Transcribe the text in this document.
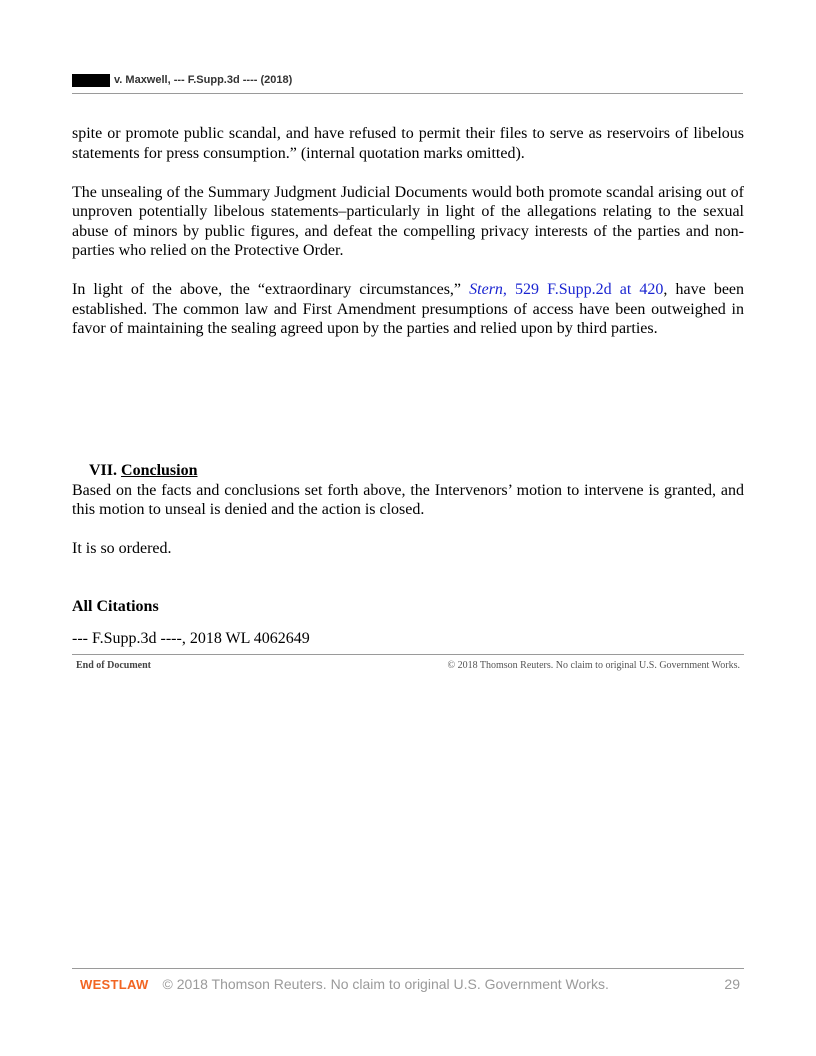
v. Maxwell, --- F.Supp.3d ---- (2018)

spite or promote public scandal, and have refused to permit their files to serve as reservoirs of libelous statements for press consumption.” (internal quotation marks omitted).

The unsealing of the Summary Judgment Judicial Documents would both promote scandal arising out of unproven potentially libelous statements–particularly in light of the allegations relating to the sexual abuse of minors by public figures, and defeat the compelling privacy interests of the parties and non-parties who relied on the Protective Order.

In light of the above, the “extraordinary circumstances,” Stern, 529 F.Supp.2d at 420, have been established. The common law and First Amendment presumptions of access have been outweighed in favor of maintaining the sealing agreed upon by the parties and relied upon by third parties.

VII. Conclusion

Based on the facts and conclusions set forth above, the Intervenors’ motion to intervene is granted, and this motion to unseal is denied and the action is closed.

It is so ordered.

All Citations
--- F.Supp.3d ----, 2018 WL 4062649
End of Document	© 2018 Thomson Reuters. No claim to original U.S. Government Works.
WESTLAW © 2018 Thomson Reuters. No claim to original U.S. Government Works.	29
